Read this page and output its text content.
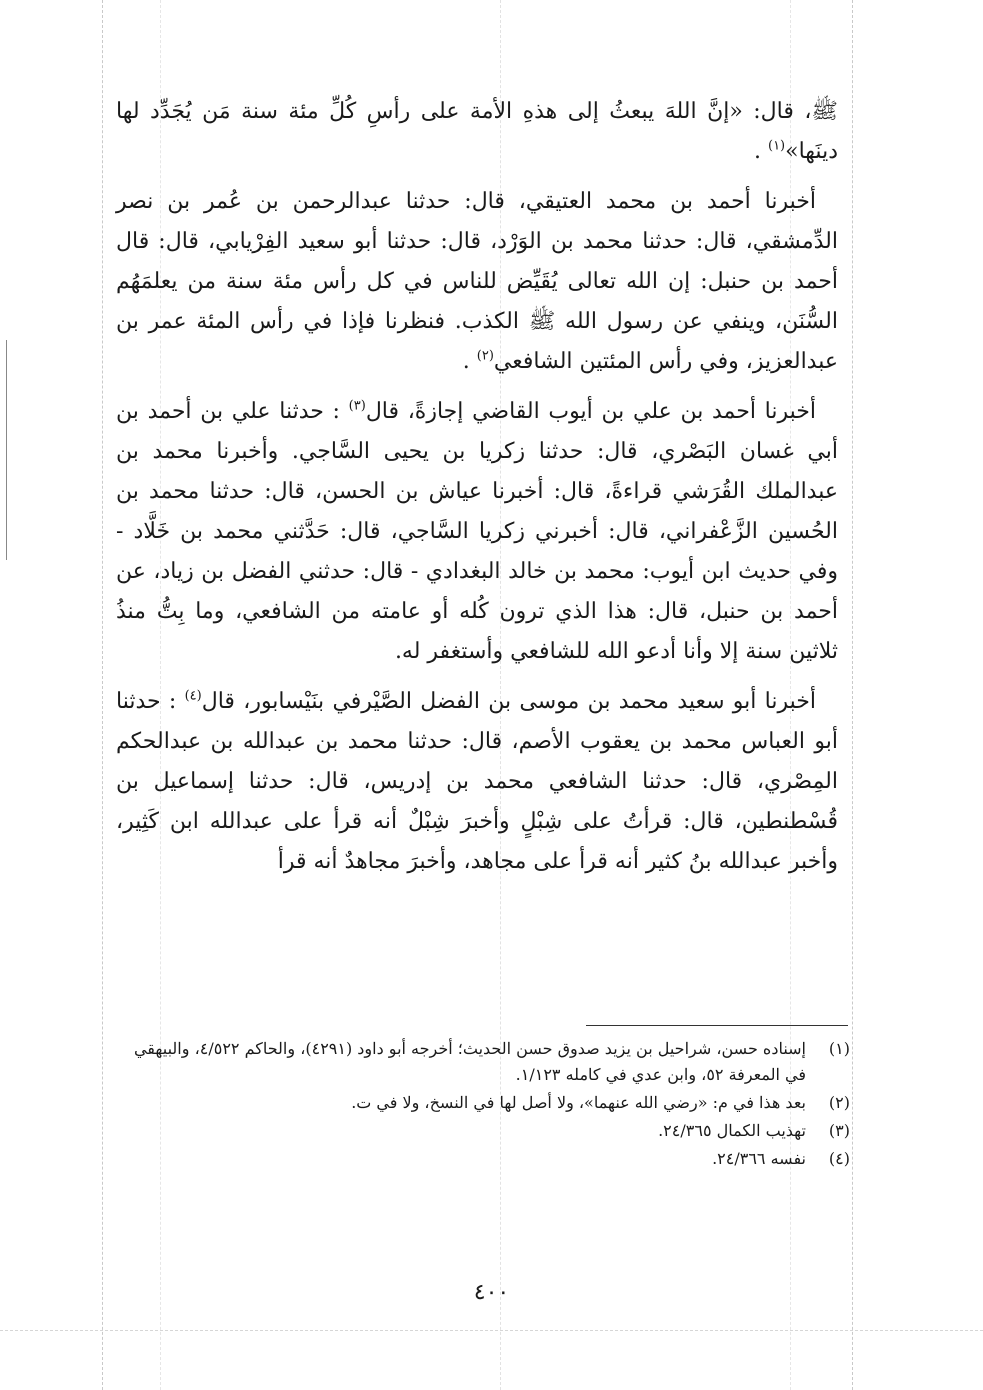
ﷺ، قال: «إنَّ اللهَ يبعثُ إلى هذهِ الأمة على رأسِ كُلِّ مئة سنة مَن يُجَدِّد لها دينَها»$^{(١)}$ .

أخبرنا أحمد بن محمد العتيقي، قال: حدثنا عبدالرحمن بن عُمر بن نصر الدِّمشقي، قال: حدثنا محمد بن الوَرْد، قال: حدثنا أبو سعيد الفِرْيابي، قال: قال أحمد بن حنبل: إن الله تعالى يُقَيِّض للناس في كل رأس مئة سنة من يعلمَهُم السُّنَن، وينفي عن رسول الله ﷺ الكذب. فنظرنا فإذا في رأس المئة عمر بن عبدالعزيز، وفي رأس المئتين الشافعي$^{(٢)}$ .

أخبرنا أحمد بن علي بن أيوب القاضي إجازةً، قال$^{(٣)}$ : حدثنا علي بن أحمد بن أبي غسان البَصْري، قال: حدثنا زكريا بن يحيى السَّاجي. وأخبرنا محمد بن عبدالملك القُرَشي قراءةً، قال: أخبرنا عياش بن الحسن، قال: حدثنا محمد بن الحُسين الزَّعْفراني، قال: أخبرني زكريا السَّاجي، قال: حَدَّثني محمد بن خَلَّاد - وفي حديث ابن أيوب: محمد بن خالد البغدادي - قال: حدثني الفضل بن زياد، عن أحمد بن حنبل، قال: هذا الذي ترون كُله أو عامته من الشافعي، وما بِتُّ منذُ ثلاثين سنة إلا وأنا أدعو الله للشافعي وأستغفر له.

أخبرنا أبو سعيد محمد بن موسى بن الفضل الصَّيْرفي بنَيْسابور، قال$^{(٤)}$ : حدثنا أبو العباس محمد بن يعقوب الأصم، قال: حدثنا محمد بن عبدالله بن عبدالحكم المِصْري، قال: حدثنا الشافعي محمد بن إدريس، قال: حدثنا إسماعيل بن قُسْطنطين، قال: قرأتُ على شِبْلٍ وأخبرَ شِبْلٌ أنه قرأ على عبدالله ابن كَثِير، وأخبر عبدالله بنُ كثير أنه قرأ على مجاهد، وأخبرَ مجاهدٌ أنه قرأ

(١)
إسناده حسن، شراحيل بن يزيد صدوق حسن الحديث؛ أخرجه أبو داود (٤٢٩١)، والحاكم ٤/٥٢٢، والبيهقي في المعرفة ٥٢، وابن عدي في كامله ١/١٢٣.

(٢)
بعد هذا في م: «رضي الله عنهما»، ولا أصل لها في النسخ، ولا في ت.

(٣)
تهذيب الكمال ٢٤/٣٦٥.

(٤)
نفسه ٢٤/٣٦٦.

٤٠٠
